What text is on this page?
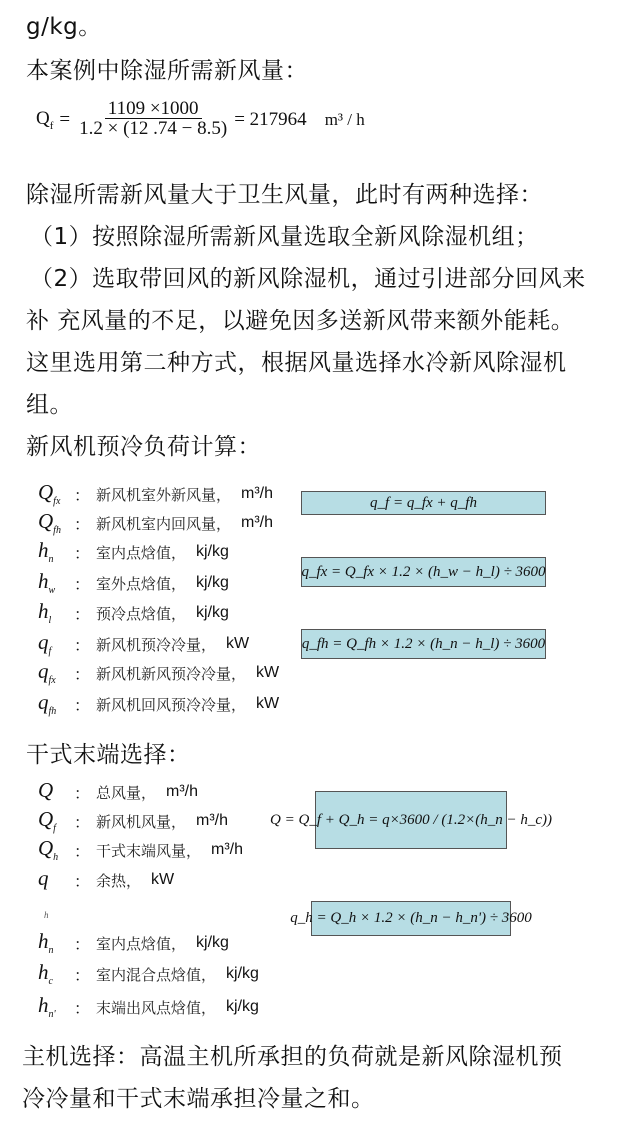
g/kg。
本案例中除湿所需新风量：
$Q_f = \frac{1109 \times 1000}{1.2 \times (12 .74 - 8.5)} = 217964$ m³ / h
除湿所需新风量大于卫生风量，此时有两种选择：
（1）按照除湿所需新风量选取全新风除湿机组；
（2）选取带回风的新风除湿机，通过引进部分回风来
补 充风量的不足，以避免因多送新风带来额外能耗。
这里选用第二种方式，根据风量选择水冷新风除湿机
组。
新风机预冷负荷计算：
$Q_{fx}$ ： 新风机室外新风量， m³/h
$Q_{fh}$ ： 新风机室内回风量， m³/h
$h_n$	： 室内点焓值， kj/kg
$h_w$	： 室外点焓值， kj/kg
$h_l$	： 预冷点焓值， kj/kg
$q_f$	： 新风机预冷冷量， kW
$q_{fx}$	： 新风机新风预冷冷量， kW
$q_{fh}$	： 新风机回风预冷冷量， kW
q_f = q_fx + q_fh
q_fx = Q_fx × 1.2 × (h_w − h_l) ÷ 3600
q_fh = Q_fh × 1.2 × (h_n − h_l) ÷ 3600
干式末端选择：
Q	： 总风量， m³/h
$Q_f$	： 新风机风量， m³/h
$Q_h$ ： 干式末端风量， m³/h
q	： 余热， kW
h
$h_n$	： 室内点焓值， kj/kg
$h_c$	： 室内混合点焓值， kj/kg
$h_{n'}$	： 末端出风点焓值， kj/kg
Q = Q_f + Q_h = q×3600 / (1.2×(h_n − h_c))
q_h = Q_h × 1.2 × (h_n − h_n') ÷ 3600
主机选择：高温主机所承担的负荷就是新风除湿机预
冷冷量和干式末端承担冷量之和。
